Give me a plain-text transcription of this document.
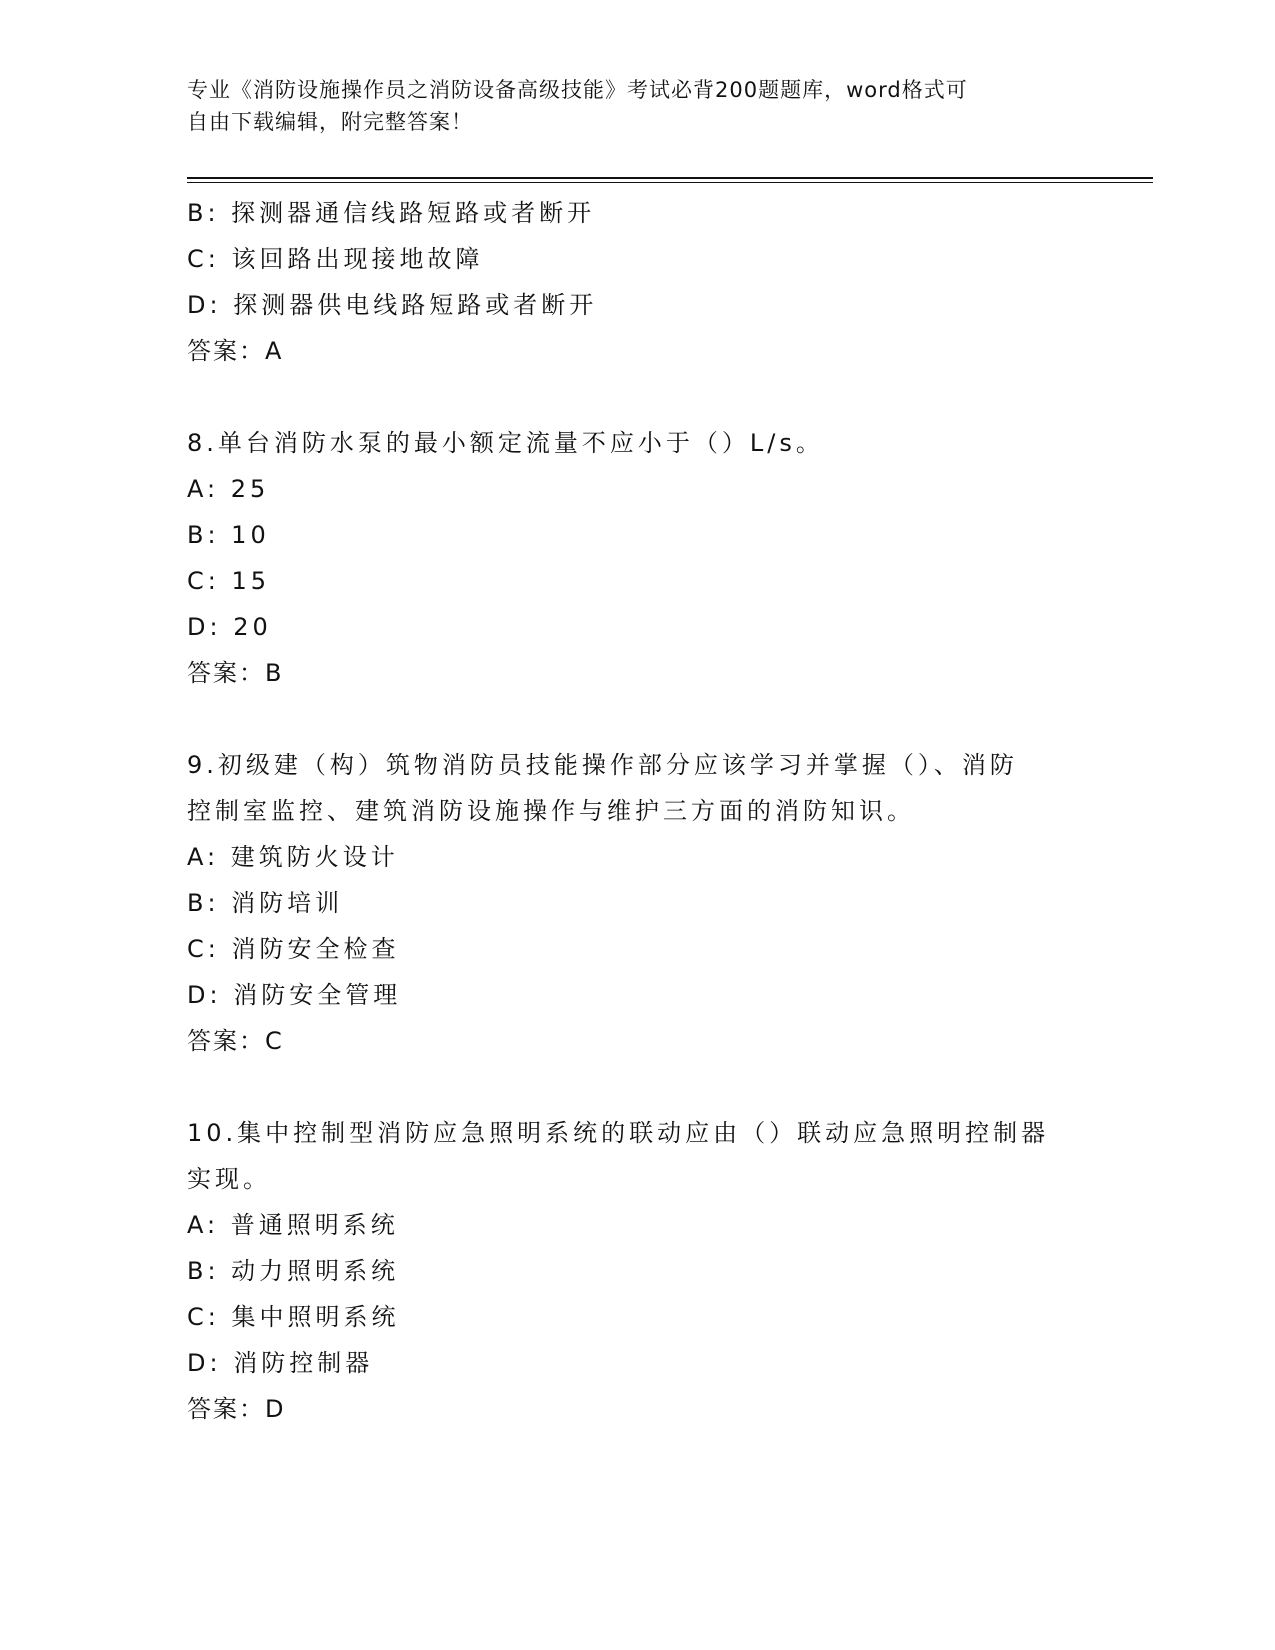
专业《消防设施操作员之消防设备高级技能》考试必背200题题库，word格式可
自由下载编辑，附完整答案！
B: 探测器通信线路短路或者断开
C: 该回路出现接地故障
D: 探测器供电线路短路或者断开
答案：A
8.单台消防水泵的最小额定流量不应小于（）L/s。
A: 25
B: 10
C: 15
D: 20
答案：B
9.初级建（构）筑物消防员技能操作部分应该学习并掌握（）、消防
控制室监控、建筑消防设施操作与维护三方面的消防知识。
A: 建筑防火设计
B: 消防培训
C: 消防安全检查
D: 消防安全管理
答案：C
10.集中控制型消防应急照明系统的联动应由（）联动应急照明控制器
实现。
A: 普通照明系统
B: 动力照明系统
C: 集中照明系统
D: 消防控制器
答案：D
